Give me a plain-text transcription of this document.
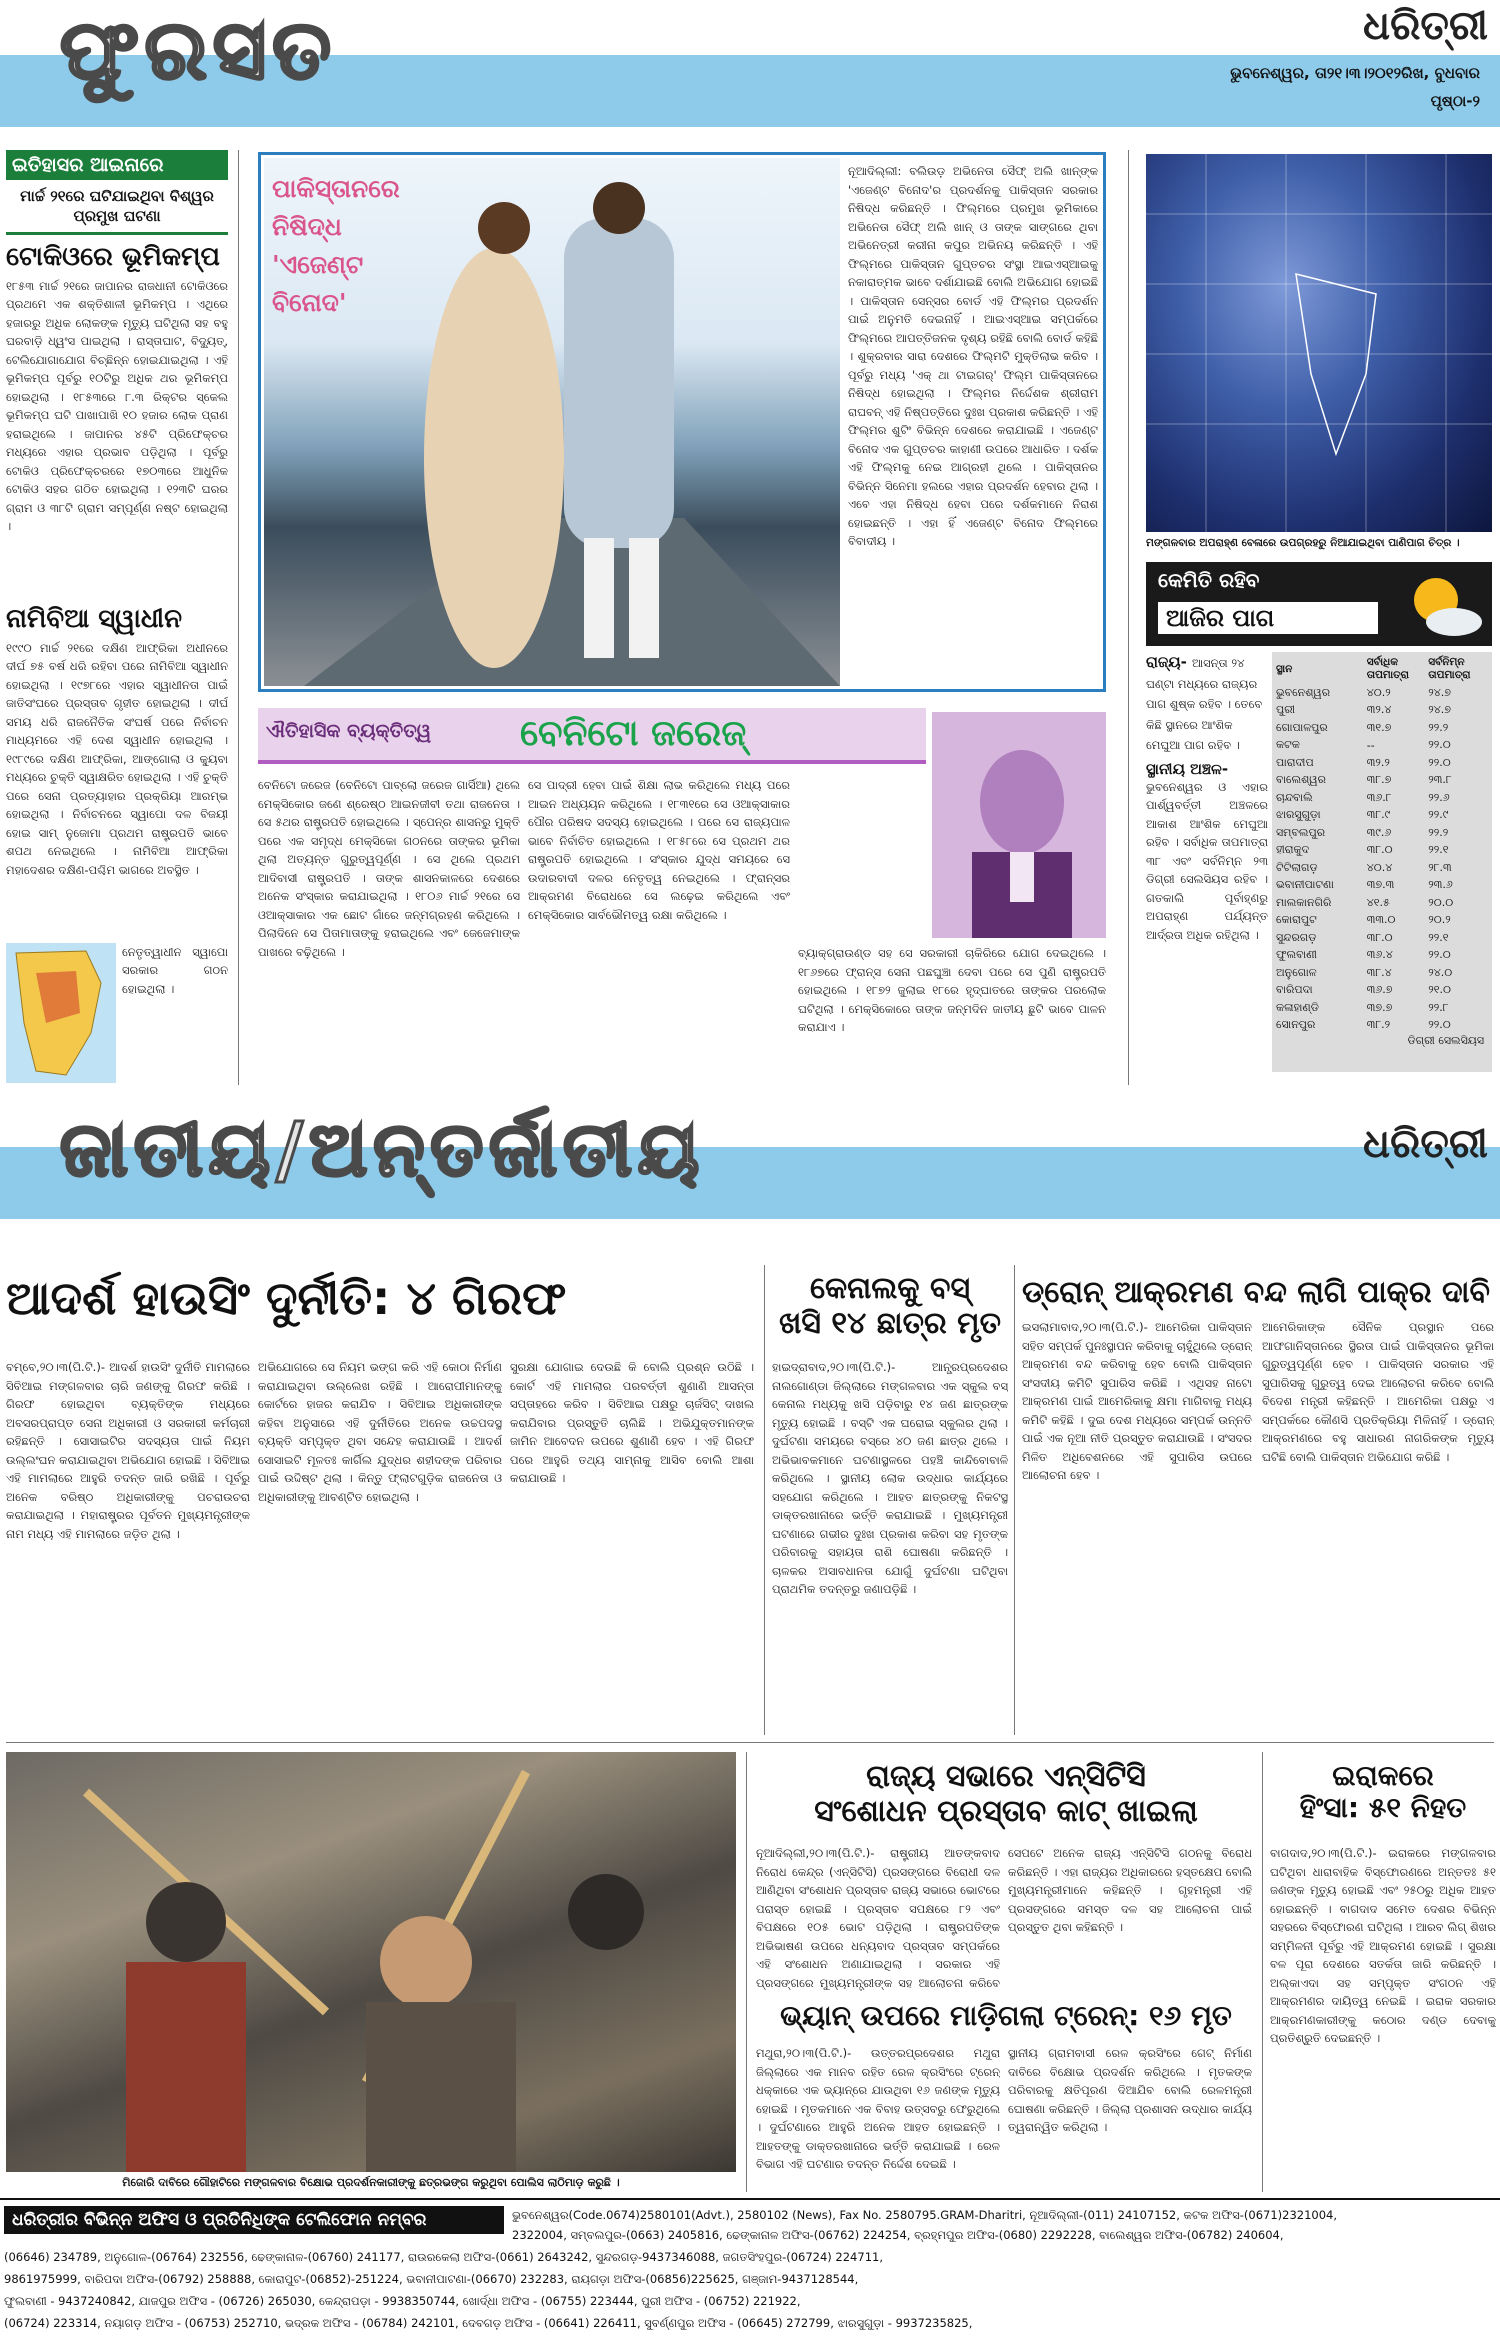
ଫୁରସତ	ଧରିତ୍ରୀ
ଭୁବନେଶ୍ୱର, ତା୨୧।୩।୨୦୧୨ରିଖ, ବୁଧବାର
ପୃଷ୍ଠା-୨
ଇତିହାସର ଆଇନାରେ
ମାର୍ଚ୍ଚ ୨୧ରେ ଘଟିଯାଇଥିବା ବିଶ୍ୱର ପ୍ରମୁଖ ଘଟଣା
ଟୋକିଓରେ ଭୂମିକମ୍ପ
୧୮୫୩ ମାର୍ଚ୍ଚ ୨୧ରେ ଜାପାନର ରାଜଧାନୀ ଟୋକିଓରେ ପ୍ରଥମେ ଏକ ଶକ୍ତିଶାଳୀ ଭୂମିକମ୍ପ । ଏଥିରେ ହଜାରରୁ ଅଧିକ ଲୋକଙ୍କ ମୃତ୍ୟୁ ଘଟିଥିଲା ସହ ବହୁ ଘରବାଡ଼ି ଧ୍ୱଂସ ପାଇଥିଲା । ରାସ୍ତାଘାଟ, ବିଦ୍ୟୁତ୍‌, ଟେଲିଯୋଗାଯୋଗ ବିଚ୍ଛିନ୍ନ ହୋଇଯାଇଥିଲା । ଏହି ଭୂମିକମ୍ପ ପୂର୍ବରୁ ୧୦ଟିରୁ ଅଧିକ ଥର ଭୂମିକମ୍ପ ହୋଇଥିଲା । ୧୮୫୩ରେ ୮.୩ ରିକ୍ଟର ସ୍କେଲ ଭୂମିକମ୍ପ ଘଟି ପାଖାପାଖି ୧୦ ହଜାର ଲୋକ ପ୍ରାଣ ହରାଇଥିଲେ । ଜାପାନର ୪୫ଟି ପ୍ରିଫେକ୍ଚର ମଧ୍ୟରେ ଏହାର ପ୍ରଭାବ ପଡ଼ିଥିଲା । ପୂର୍ବରୁ ଟୋକିଓ ପ୍ରିଫେକ୍ଚରରେ ୧୭୦୩ରେ ଆଧୁନିକ ଟୋକିଓ ସହର ଗଠିତ ହୋଇଥିଲା । ୧୨୩ଟି ଘରର ଗ୍ରାମ ଓ ୩୮ଟି ଗ୍ରାମ ସମ୍ପୂର୍ଣ୍ଣ ନଷ୍ଟ ହୋଇଥିଲା ।
ନାମିବିଆ ସ୍ୱାଧୀନ
୧୯୯୦ ମାର୍ଚ୍ଚ ୨୧ରେ ଦକ୍ଷିଣ ଆଫ୍ରିକା ଅଧୀନରେ ଦୀର୍ଘ ୭୫ ବର୍ଷ ଧରି ରହିବା ପରେ ନାମିବିଆ ସ୍ୱାଧୀନ ହୋଇଥିଲା । ୧୯୭୮ରେ ଏହାର ସ୍ୱାଧୀନତା ପାଇଁ ଜାତିସଂଘରେ ପ୍ରସ୍ତାବ ଗୃହୀତ ହୋଇଥିଲା । ଦୀର୍ଘ ସମୟ ଧରି ରାଜନୈତିକ ସଂଘର୍ଷ ପରେ ନିର୍ବାଚନ ମାଧ୍ୟମରେ ଏହି ଦେଶ ସ୍ୱାଧୀନ ହୋଇଥିଲା । ୧୯୮୯ରେ ଦକ୍ଷିଣ ଆଫ୍ରିକା, ଆଙ୍ଗୋଲା ଓ କ୍ୟୁବା ମଧ୍ୟରେ ଚୁକ୍ତି ସ୍ୱାକ୍ଷରିତ ହୋଇଥିଲା । ଏହି ଚୁକ୍ତି ପରେ ସେନା ପ୍ରତ୍ୟାହାର ପ୍ରକ୍ରିୟା ଆରମ୍ଭ ହୋଇଥିଲା । ନିର୍ବାଚନରେ ସ୍ୱାପୋ ଦଳ ବିଜୟୀ ହୋଇ ସାମ୍ ନୁଜୋମା ପ୍ରଥମ ରାଷ୍ଟ୍ରପତି ଭାବେ ଶପଥ ନେଇଥିଲେ । ନାମିବିଆ ଆଫ୍ରିକା ମହାଦେଶର ଦକ୍ଷିଣ-ପଶ୍ଚିମ ଭାଗରେ ଅବସ୍ଥିତ ।
ନେତୃତ୍ୱାଧୀନ ସ୍ୱାପୋ ସରକାର ଗଠନ ହୋଇଥିଲା ।
ପାକିସ୍ତାନରେ
ନିଷିଦ୍ଧ
'ଏଜେଣ୍ଟ
ବିନୋଦ'
ନୂଆଦିଲ୍ଲୀ: ବଲିଉଡ଼ ଅଭିନେତା ସୈଫ୍‌ ଅଲି ଖାନ୍‌ଙ୍କ 'ଏଜେଣ୍ଟ ବିନୋଦ'ର ପ୍ରଦର୍ଶନକୁ ପାକିସ୍ତାନ ସରକାର ନିଷିଦ୍ଧ କରିଛନ୍ତି । ଫିଲ୍ମରେ ପ୍ରମୁଖ ଭୂମିକାରେ ଅଭିନେତା ସୈଫ୍‌ ଅଲି ଖାନ୍‌ ଓ ତାଙ୍କ ସାଙ୍ଗରେ ଥିବା ଅଭିନେତ୍ରୀ କରୀନା କପୁର ଅଭିନୟ କରିଛନ୍ତି । ଏହି ଫିଲ୍ମରେ ପାକିସ୍ତାନ ଗୁପ୍ତଚର ସଂସ୍ଥା ଆଇଏସ୍‌ଆଇକୁ ନକାରାତ୍ମକ ଭାବେ ଦର୍ଶାଯାଇଛି ବୋଲି ଅଭିଯୋଗ ହୋଇଛି । ପାକିସ୍ତାନ ସେନ୍ସର ବୋର୍ଡ ଏହି ଫିଲ୍ମର ପ୍ରଦର୍ଶନ ପାଇଁ ଅନୁମତି ଦେଇନାହିଁ । ଆଇଏସ୍‌ଆଇ ସମ୍ପର୍କରେ ଫିଲ୍ମରେ ଆପତ୍ତିଜନକ ଦୃଶ୍ୟ ରହିଛି ବୋଲି ବୋର୍ଡ କହିଛି । ଶୁକ୍ରବାର ସାରା ଦେଶରେ ଫିଲ୍ମଟି ମୁକ୍ତିଲାଭ କରିବ । ପୂର୍ବରୁ ମଧ୍ୟ 'ଏକ୍‌ ଥା ଟାଇଗର୍‌' ଫିଲ୍ମ ପାକିସ୍ତାନରେ ନିଷିଦ୍ଧ ହୋଇଥିଲା । ଫିଲ୍ମର ନିର୍ଦ୍ଦେଶକ ଶ୍ରୀରାମ ରାଘବନ୍‌ ଏହି ନିଷ୍ପତ୍ତିରେ ଦୁଃଖ ପ୍ରକାଶ କରିଛନ୍ତି । ଏହି ଫିଲ୍ମର ଶୁଟିଂ ବିଭିନ୍ନ ଦେଶରେ କରାଯାଇଛି । ଏଜେଣ୍ଟ ବିନୋଦ ଏକ ଗୁପ୍ତଚର କାହାଣୀ ଉପରେ ଆଧାରିତ । ଦର୍ଶକ ଏହି ଫିଲ୍ମକୁ ନେଇ ଆଗ୍ରହୀ ଥିଲେ । ପାକିସ୍ତାନର ବିଭିନ୍ନ ସିନେମା ହଲରେ ଏହାର ପ୍ରଦର୍ଶନ ହେବାର ଥିଲା । ଏବେ ଏହା ନିଷିଦ୍ଧ ହେବା ପରେ ଦର୍ଶକମାନେ ନିରାଶ ହୋଇଛନ୍ତି । ଏହା ହିଁ ଏଜେଣ୍ଟ ବିନୋଦ ଫିଲ୍ମରେ ବିବାଦୀୟ ।
ଐତିହାସିକ ବ୍ୟକ୍ତିତ୍ୱ ବେନିଟୋ ଜରେଜ୍
ବେନିଟୋ ଜରେଜ (ବେନିଟୋ ପାବ୍‌ଲୋ ଜରେଜ ଗାର୍ସିଆ) ଥିଲେ ମେକ୍ସିକୋର ଜଣେ ଶ୍ରେଷ୍ଠ ଆଇନଜୀବୀ ତଥା ରାଜନେତା । ସେ ୫ଥର ରାଷ୍ଟ୍ରପତି ହୋଇଥିଲେ । ସ୍ପେନ୍‌ର ଶାସନରୁ ମୁକ୍ତି ପରେ ଏକ ସମୃଦ୍ଧ ମେକ୍ସିକୋ ଗଠନରେ ତାଙ୍କର ଭୂମିକା ଥିଲା ଅତ୍ୟନ୍ତ ଗୁରୁତ୍ୱପୂର୍ଣ୍ଣ । ସେ ଥିଲେ ପ୍ରଥମ ଆଦିବାସୀ ରାଷ୍ଟ୍ରପତି । ତାଙ୍କ ଶାସନକାଳରେ ଦେଶରେ ଅନେକ ସଂସ୍କାର କରାଯାଇଥିଲା । ୧୮୦୬ ମାର୍ଚ୍ଚ ୨୧ରେ ସେ ଓଆକ୍ସାକାର ଏକ ଛୋଟ ଗାଁରେ ଜନ୍ମଗ୍ରହଣ କରିଥିଲେ । ପିଲାଦିନେ ସେ ପିତାମାତାଙ୍କୁ ହରାଇଥିଲେ ଏବଂ ଜେଜେମାଙ୍କ ପାଖରେ ବଢ଼ିଥିଲେ ।
ସେ ପାଦ୍ରୀ ହେବା ପାଇଁ ଶିକ୍ଷା ଲାଭ କରିଥିଲେ ମଧ୍ୟ ପରେ ଆଇନ ଅଧ୍ୟୟନ କରିଥିଲେ । ୧୮୩୧ରେ ସେ ଓଆକ୍ସାକାର ପୌର ପରିଷଦ ସଦସ୍ୟ ହୋଇଥିଲେ । ପରେ ସେ ରାଜ୍ୟପାଳ ଭାବେ ନିର୍ବାଚିତ ହୋଇଥିଲେ । ୧୮୫୮ରେ ସେ ପ୍ରଥମ ଥର ରାଷ୍ଟ୍ରପତି ହୋଇଥିଲେ । ସଂସ୍କାର ଯୁଦ୍ଧ ସମୟରେ ସେ ଉଦାରବାଦୀ ଦଳର ନେତୃତ୍ୱ ନେଇଥିଲେ । ଫ୍ରାନ୍ସର ଆକ୍ରମଣ ବିରୋଧରେ ସେ ଲଢ଼େଇ କରିଥିଲେ ଏବଂ ମେକ୍ସିକୋର ସାର୍ବଭୌମତ୍ୱ ରକ୍ଷା କରିଥିଲେ ।
ବ୍ୟାକ୍‌ଗ୍ରାଉଣ୍ଡ ସହ ସେ ସରକାରୀ ଚାକିରିରେ ଯୋଗ ଦେଇଥିଲେ । ୧୮୬୭ରେ ଫ୍ରାନ୍ସ ସେନା ପଛଘୁଞ୍ଚା ଦେବା ପରେ ସେ ପୁଣି ରାଷ୍ଟ୍ରପତି ହୋଇଥିଲେ । ୧୮୭୨ ଜୁଲାଇ ୧୮ରେ ହୃଦ୍‌ଘାତରେ ତାଙ୍କର ପରଲୋକ ଘଟିଥିଲା । ମେକ୍ସିକୋରେ ତାଙ୍କ ଜନ୍ମଦିନ ଜାତୀୟ ଛୁଟି ଭାବେ ପାଳନ କରାଯାଏ ।
ମଙ୍ଗଳବାର ଅପରାହ୍ଣ ବେଳାରେ ଉପଗ୍ରହରୁ ନିଆଯାଇଥିବା ପାଣିପାଗ ଚିତ୍ର ।
କେମିତି ରହିବ
ଆଜିର ପାଗ
ରାଜ୍ୟ- ଆସନ୍ତା ୨୪ ଘଣ୍ଟା ମଧ୍ୟରେ ରାଜ୍ୟର ପାଗ ଶୁଷ୍କ ରହିବ । ତେବେ କିଛି ସ୍ଥାନରେ ଆଂଶିକ ମେଘୁଆ ପାଗ ରହିବ ।
ସ୍ଥାନୀୟ ଅଞ୍ଚଳ-
ଭୁବନେଶ୍ୱର ଓ ଏହାର ପାର୍ଶ୍ୱବର୍ତ୍ତୀ ଅଞ୍ଚଳରେ ଆକାଶ ଆଂଶିକ ମେଘୁଆ ରହିବ । ସର୍ବାଧିକ ତାପମାତ୍ରା ୩୮ ଏବଂ ସର୍ବନିମ୍ନ ୨୩ ଡିଗ୍ରୀ ସେଲସିୟସ ରହିବ । ଗତକାଲି ପୂର୍ବାହ୍ଣରୁ ଅପରାହ୍ଣ ପର୍ଯ୍ୟନ୍ତ ଆର୍ଦ୍ରତା ଅଧିକ ରହିଥିଲା ।
ସ୍ଥାନ	ସର୍ବାଧିକ ତାପମାତ୍ରା	ସର୍ବନିମ୍ନ ତାପମାତ୍ରା
ଭୁବନେଶ୍ୱର	୪୦.୨	୨୪.୭
ପୁରୀ	୩୨.୪	୨୪.୭
ଗୋପାଳପୁର	୩୧.୭	୨୨.୨
କଟକ	--	୨୨.୦
ପାରାଦୀପ	୩୨.୨	୨୨.୦
ବାଲେଶ୍ୱର	୩୮.୭	୨୩.୮
ଚାନ୍ଦବାଲି	୩୬.୮	୨୨.୬
ଝାରସୁଗୁଡ଼ା	୩୮.୯	୨୨.୯
ସମ୍ବଲପୁର	୩୯.୬	୨୨.୨
ହୀରାକୁଦ	୩୮.୦	୨୨.୧
ଟିଟିଲାଗଡ଼	୪୦.୪	୨୮.୩
ଭବାନୀପାଟଣା	୩୭.୩	୨୩.୬
ମାଲକାନଗିରି	୪୧.୫	୨୦.୦
କୋରାପୁଟ	୩୩.୦	୨୦.୨
ସୁନ୍ଦରଗଡ଼	୩୮.୦	୨୨.୧
ଫୁଲବାଣୀ	୩୬.୪	୨୨.୦
ଅନୁଗୋଳ	୩୮.୪	୨୪.୦
ବାରିପଦା	୩୬.୭	୨୧.୦
କଳାହାଣ୍ଡି	୩୭.୭	୨୨.୮
ସୋନପୁର	୩୮.୨	୨୨.୦
ଡିଗ୍ରୀ ସେଲସିୟସ
ଜାତୀୟ/ଅନ୍ତର୍ଜାତୀୟ	ଧରିତ୍ରୀ
ଆଦର୍ଶ ହାଉସିଂ ଦୁର୍ନୀତି: ୪ ଗିରଫ
ବମ୍ବେ,୨୦।୩(ପି.ଟି.)- ଆଦର୍ଶ ହାଉସିଂ ଦୁର୍ନୀତି ମାମଲାରେ ସିବିଆଇ ମଙ୍ଗଳବାର ଚାରି ଜଣଙ୍କୁ ଗିରଫ କରିଛି । ଗିରଫ ହୋଇଥିବା ବ୍ୟକ୍ତିଙ୍କ ମଧ୍ୟରେ ଅବସରପ୍ରାପ୍ତ ସେନା ଅଧିକାରୀ ଓ ସରକାରୀ କର୍ମଚାରୀ ରହିଛନ୍ତି । ସୋସାଇଟିର ସଦସ୍ୟତା ପାଇଁ ନିୟମ ଉଲ୍ଲଂଘନ କରାଯାଇଥିବା ଅଭିଯୋଗ ହୋଇଛି । ସିବିଆଇ ଏହି ମାମଲାରେ ଆହୁରି ତଦନ୍ତ ଜାରି ରଖିଛି । ପୂର୍ବରୁ ଅନେକ ବରିଷ୍ଠ ଅଧିକାରୀଙ୍କୁ ପଚରାଉଚରା କରାଯାଇଥିଲା । ମହାରାଷ୍ଟ୍ରର ପୂର୍ବତନ ମୁଖ୍ୟମନ୍ତ୍ରୀଙ୍କ ନାମ ମଧ୍ୟ ଏହି ମାମଲାରେ ଜଡ଼ିତ ଥିଲା ।
ଅଭିଯୋଗରେ ସେ ନିୟମ ଭଙ୍ଗ କରି ଏହି କୋଠା ନିର୍ମାଣ କରାଯାଇଥିବା ଉଲ୍ଲେଖ ରହିଛି । ଆରୋପୀମାନଙ୍କୁ କୋର୍ଟରେ ହାଜର କରାଯିବ । ସିବିଆଇ ଅଧିକାରୀଙ୍କ କହିବା ଅନୁସାରେ ଏହି ଦୁର୍ନୀତିରେ ଅନେକ ଉଚ୍ଚପଦସ୍ଥ ବ୍ୟକ୍ତି ସମ୍ପୃକ୍ତ ଥିବା ସନ୍ଦେହ କରାଯାଉଛି । ଆଦର୍ଶ ସୋସାଇଟି ମୂଳତଃ କାର୍ଗିଲ ଯୁଦ୍ଧର ଶହୀଦଙ୍କ ପରିବାର ପାଇଁ ଉଦ୍ଦିଷ୍ଟ ଥିଲା । କିନ୍ତୁ ଫ୍ଲାଟଗୁଡ଼ିକ ରାଜନେତା ଓ ଅଧିକାରୀଙ୍କୁ ଆବଣ୍ଟିତ ହୋଇଥିଲା ।
ସୁରକ୍ଷା ଯୋଗାଇ ଦେଉଛି କି ବୋଲି ପ୍ରଶ୍ନ ଉଠିଛି । କୋର୍ଟ ଏହି ମାମଲାର ପରବର୍ତ୍ତୀ ଶୁଣାଣି ଆସନ୍ତା ସପ୍ତାହରେ କରିବ । ସିବିଆଇ ପକ୍ଷରୁ ଚାର୍ଜସିଟ୍‌ ଦାଖଲ କରାଯିବାର ପ୍ରସ୍ତୁତି ଚାଲିଛି । ଅଭିଯୁକ୍ତମାନଙ୍କ ଜାମିନ ଆବେଦନ ଉପରେ ଶୁଣାଣି ହେବ । ଏହି ଗିରଫ ପରେ ଆହୁରି ତଥ୍ୟ ସାମ୍ନାକୁ ଆସିବ ବୋଲି ଆଶା କରାଯାଉଛି ।
କେନାଲକୁ ବସ୍‌
ଖସି ୧୪ ଛାତ୍ର ମୃତ
ହାଇଦ୍ରାବାଦ,୨୦।୩(ପି.ଟି.)- ଆନ୍ଧ୍ରପ୍ରଦେଶର ନାଲଗୋଣ୍ଡା ଜିଲ୍ଲାରେ ମଙ୍ଗଳବାର ଏକ ସ୍କୁଲ ବସ୍‌ କେନାଲ ମଧ୍ୟକୁ ଖସି ପଡ଼ିବାରୁ ୧୪ ଜଣ ଛାତ୍ରଙ୍କ ମୃତ୍ୟୁ ହୋଇଛି । ବସ୍‌ଟି ଏକ ଘରୋଇ ସ୍କୁଲର ଥିଲା । ଦୁର୍ଘଟଣା ସମୟରେ ବସ୍‌ରେ ୪୦ ଜଣ ଛାତ୍ର ଥିଲେ । ଅଭିଭାବକମାନେ ଘଟଣାସ୍ଥଳରେ ପହଞ୍ଚି କାନ୍ଦିବୋବାଳି କରିଥିଲେ । ସ୍ଥାନୀୟ ଲୋକ ଉଦ୍ଧାର କାର୍ଯ୍ୟରେ ସହଯୋଗ କରିଥିଲେ । ଆହତ ଛାତ୍ରଙ୍କୁ ନିକଟସ୍ଥ ଡାକ୍ତରଖାନାରେ ଭର୍ତ୍ତି କରାଯାଇଛି । ମୁଖ୍ୟମନ୍ତ୍ରୀ ଘଟଣାରେ ଗଭୀର ଦୁଃଖ ପ୍ରକାଶ କରିବା ସହ ମୃତଙ୍କ ପରିବାରକୁ ସହାୟତା ରାଶି ଘୋଷଣା କରିଛନ୍ତି । ଚାଳକର ଅସାବଧାନତା ଯୋଗୁଁ ଦୁର୍ଘଟଣା ଘଟିଥିବା ପ୍ରାଥମିକ ତଦନ୍ତରୁ ଜଣାପଡ଼ିଛି ।
ଡ୍ରୋନ୍‌ ଆକ୍ରମଣ ବନ୍ଦ ଲାଗି ପାକ୍‌ର ଦାବି
ଇସଲାମାବାଦ,୨୦।୩(ପି.ଟି.)- ଆମେରିକା ପାକିସ୍ତାନ ସହିତ ସମ୍ପର୍କ ପୁନଃସ୍ଥାପନ କରିବାକୁ ଚାହୁଁଥିଲେ ଡ୍ରୋନ୍‌ ଆକ୍ରମଣ ବନ୍ଦ କରିବାକୁ ହେବ ବୋଲି ପାକିସ୍ତାନ ସଂସଦୀୟ କମିଟି ସୁପାରିସ କରିଛି । ଏଥିସହ ନାଟୋ ଆକ୍ରମଣ ପାଇଁ ଆମେରିକାକୁ କ୍ଷମା ମାଗିବାକୁ ମଧ୍ୟ କମିଟି କହିଛି । ଦୁଇ ଦେଶ ମଧ୍ୟରେ ସମ୍ପର୍କ ଉନ୍ନତି ପାଇଁ ଏକ ନୂଆ ନୀତି ପ୍ରସ୍ତୁତ କରାଯାଉଛି । ସଂସଦର ମିଳିତ ଅଧିବେଶନରେ ଏହି ସୁପାରିସ ଉପରେ ଆଲୋଚନା ହେବ ।
ଆମେରିକାଙ୍କ ସୈନିକ ପ୍ରସ୍ଥାନ ପରେ ଆଫଗାନିସ୍ତାନରେ ସ୍ଥିରତା ପାଇଁ ପାକିସ୍ତାନର ଭୂମିକା ଗୁରୁତ୍ୱପୂର୍ଣ୍ଣ ହେବ । ପାକିସ୍ତାନ ସରକାର ଏହି ସୁପାରିସକୁ ଗୁରୁତ୍ୱ ଦେଇ ଆଲୋଚନା କରିବେ ବୋଲି ବିଦେଶ ମନ୍ତ୍ରୀ କହିଛନ୍ତି । ଆମେରିକା ପକ୍ଷରୁ ଏ ସମ୍ପର୍କରେ କୌଣସି ପ୍ରତିକ୍ରିୟା ମିଳିନାହିଁ । ଡ୍ରୋନ୍‌ ଆକ୍ରମଣରେ ବହୁ ସାଧାରଣ ନାଗରିକଙ୍କ ମୃତ୍ୟୁ ଘଟିଛି ବୋଲି ପାକିସ୍ତାନ ଅଭିଯୋଗ କରିଛି ।
ମିଜୋରି ଦାବିରେ ଗୌହାଟିରେ ମଙ୍ଗଳବାର ବିକ୍ଷୋଭ ପ୍ରଦର୍ଶନକାରୀଙ୍କୁ ଛତ୍ରଭଙ୍ଗ କରୁଥିବା ପୋଲିସ ଲାଠିମାଡ଼ କରୁଛି ।
ରାଜ୍ୟ ସଭାରେ ଏନ୍‌ସିଟିସି
ସଂଶୋଧନ ପ୍ରସ୍ତାବ କାଟ୍‌ ଖାଇଲା
ନୂଆଦିଲ୍ଲୀ,୨୦।୩(ପି.ଟି.)- ରାଷ୍ଟ୍ରୀୟ ଆତଙ୍କବାଦ ନିରୋଧ କେନ୍ଦ୍ର (ଏନ୍‌ସିଟିସି) ପ୍ରସଙ୍ଗରେ ବିରୋଧୀ ଦଳ ଆଣିଥିବା ସଂଶୋଧନ ପ୍ରସ୍ତାବ ରାଜ୍ୟ ସଭାରେ ଭୋଟରେ ପରାସ୍ତ ହୋଇଛି । ପ୍ରସ୍ତାବ ସପକ୍ଷରେ ୮୨ ଏବଂ ବିପକ୍ଷରେ ୧୦୫ ଭୋଟ ପଡ଼ିଥିଲା । ରାଷ୍ଟ୍ରପତିଙ୍କ ଅଭିଭାଷଣ ଉପରେ ଧନ୍ୟବାଦ ପ୍ରସ୍ତାବ ସମ୍ପର୍କରେ ଏହି ସଂଶୋଧନ ଅଣାଯାଇଥିଲା । ସରକାର ଏହି ପ୍ରସଙ୍ଗରେ ମୁଖ୍ୟମନ୍ତ୍ରୀଙ୍କ ସହ ଆଲୋଚନା କରିବେ
ସେପଟେ ଅନେକ ରାଜ୍ୟ ଏନ୍‌ସିଟିସି ଗଠନକୁ ବିରୋଧ କରିଛନ୍ତି । ଏହା ରାଜ୍ୟର ଅଧିକାରରେ ହସ୍ତକ୍ଷେପ ବୋଲି ମୁଖ୍ୟମନ୍ତ୍ରୀମାନେ କହିଛନ୍ତି । ଗୃହମନ୍ତ୍ରୀ ଏହି ପ୍ରସଙ୍ଗରେ ସମସ୍ତ ଦଳ ସହ ଆଲୋଚନା ପାଇଁ ପ୍ରସ୍ତୁତ ଥିବା କହିଛନ୍ତି ।
ଭ୍ୟାନ୍‌ ଉପରେ ମାଡ଼ିଗଲା ଟ୍ରେନ୍‌: ୧୬ ମୃତ
ମଥୁରା,୨୦।୩(ପି.ଟି.)- ଉତ୍ତରପ୍ରଦେଶର ମଥୁରା ଜିଲ୍ଲାରେ ଏକ ମାନବ ରହିତ ରେଳ କ୍ରସିଂରେ ଟ୍ରେନ୍‌ ଧକ୍କାରେ ଏକ ଭ୍ୟାନ୍‌ରେ ଯାଉଥିବା ୧୬ ଜଣଙ୍କ ମୃତ୍ୟୁ ହୋଇଛି । ମୃତକମାନେ ଏକ ବିବାହ ଉତ୍ସବରୁ ଫେରୁଥିଲେ । ଦୁର୍ଘଟଣାରେ ଆହୁରି ଅନେକ ଆହତ ହୋଇଛନ୍ତି । ଆହତଙ୍କୁ ଡାକ୍ତରଖାନାରେ ଭର୍ତ୍ତି କରାଯାଇଛି । ରେଳ ବିଭାଗ ଏହି ଘଟଣାର ତଦନ୍ତ ନିର୍ଦ୍ଦେଶ ଦେଇଛି ।
ସ୍ଥାନୀୟ ଗ୍ରାମବାସୀ ରେଳ କ୍ରସିଂରେ ଗେଟ୍‌ ନିର୍ମାଣ ଦାବିରେ ବିକ୍ଷୋଭ ପ୍ରଦର୍ଶନ କରିଥିଲେ । ମୃତକଙ୍କ ପରିବାରକୁ କ୍ଷତିପୂରଣ ଦିଆଯିବ ବୋଲି ରେଳମନ୍ତ୍ରୀ ଘୋଷଣା କରିଛନ୍ତି । ଜିଲ୍ଲା ପ୍ରଶାସନ ଉଦ୍ଧାର କାର୍ଯ୍ୟ ତ୍ୱରାନ୍ୱିତ କରିଥିଲା ।
ଇରାକରେ
ହିଂସା: ୫୧ ନିହତ
ବାଗଦାଦ,୨୦।୩(ପି.ଟି.)- ଇରାକରେ ମଙ୍ଗଳବାର ଘଟିଥିବା ଧାରାବାହିକ ବିସ୍ଫୋରଣରେ ଅନ୍ତତଃ ୫୧ ଜଣଙ୍କ ମୃତ୍ୟୁ ହୋଇଛି ଏବଂ ୨୫୦ରୁ ଅଧିକ ଆହତ ହୋଇଛନ୍ତି । ବାଗଦାଦ ସମେତ ଦେଶର ବିଭିନ୍ନ ସହରରେ ବିସ୍ଫୋରଣ ଘଟିଥିଲା । ଆରବ ଲିଗ୍‌ ଶିଖର ସମ୍ମିଳନୀ ପୂର୍ବରୁ ଏହି ଆକ୍ରମଣ ହୋଇଛି । ସୁରକ୍ଷା ବଳ ପୂରା ଦେଶରେ ସତର୍କତା ଜାରି କରିଛନ୍ତି । ଅଲ୍‌କାଏଦା ସହ ସମ୍ପୃକ୍ତ ସଂଗଠନ ଏହି ଆକ୍ରମଣର ଦାୟିତ୍ୱ ନେଇଛି । ଇରାକ ସରକାର ଆକ୍ରମଣକାରୀଙ୍କୁ କଠୋର ଦଣ୍ଡ ଦେବାକୁ ପ୍ରତିଶ୍ରୁତି ଦେଇଛନ୍ତି ।
ଧରିତ୍ରୀର ବିଭିନ୍ନ ଅଫିସ ଓ ପ୍ରତିନିଧିଙ୍କ ଟେଲିଫୋନ ନମ୍ବର	ଭୁବନେଶ୍ୱର(Code.0674)2580101(Advt.), 2580102 (News), Fax No. 2580795.GRAM-Dharitri, ନୂଆଦିଲ୍ଲୀ-(011) 24107152, କଟକ ଅଫିସ-(0671)2321004,
2322004, ସମ୍ବଲପୁର-(0663) 2405816, ଢେଙ୍କାନାଳ ଅଫିସ-(06762) 224254, ବ୍ରହ୍ମପୁର ଅଫିସ-(0680) 2292228, ବାଲେଶ୍ୱର ଅଫିସ-(06782) 240604,
(06646) 234789, ଅନୁଗୋଳ-(06764) 232556, ଢେଙ୍କାନାଳ-(06760) 241177, ରାଉରକେଲା ଅଫିସ-(0661) 2643242, ସୁନ୍ଦରଗଡ଼-9437346088, ଜଗତସିଂହପୁର-(06724) 224711,
9861975999, ବାରିପଦା ଅଫିସ-(06792) 258888, କୋରାପୁଟ-(06852)-251224, ଭବାନୀପାଟଣା-(06670) 232283, ରାୟଗଡ଼ା ଅଫିସ-(06856)225625, ଗଞ୍ଜାମ-9437128544,
ଫୁଲବାଣୀ - 9437240842, ଯାଜପୁର ଅଫିସ - (06726) 265030, କେନ୍ଦ୍ରାପଡ଼ା - 9938350744, ଖୋର୍ଦ୍ଧା ଅଫିସ - (06755) 223444, ପୁରୀ ଅଫିସ - (06752) 221922,
(06724) 223314, ନୟାଗଡ଼ ଅଫିସ - (06753) 252710, ଭଦ୍ରକ ଅଫିସ - (06784) 242101, ଦେବଗଡ଼ ଅଫିସ - (06641) 226411, ସୁବର୍ଣ୍ଣପୁର ଅଫିସ - (06645) 272799, ଝାରସୁଗୁଡ଼ା - 9937235825,
